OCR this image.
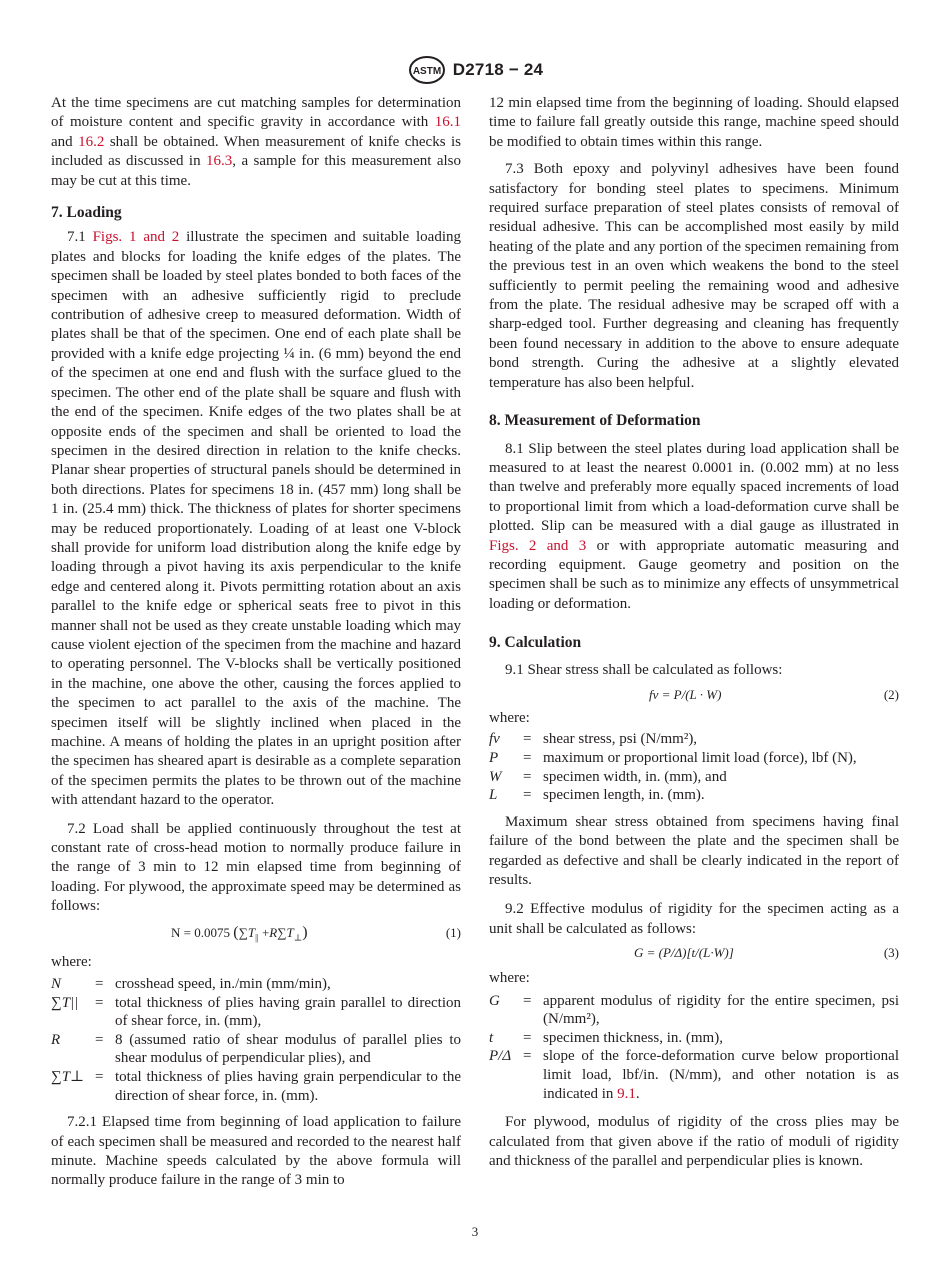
ASTM D2718 − 24

At the time specimens are cut matching samples for determination of moisture content and specific gravity in accordance with 16.1 and 16.2 shall be obtained. When measurement of knife checks is included as discussed in 16.3, a sample for this measurement also may be cut at this time.

7. Loading

7.1 Figs. 1 and 2 illustrate the specimen and suitable loading plates and blocks for loading the knife edges of the plates. The specimen shall be loaded by steel plates bonded to both faces of the specimen with an adhesive sufficiently rigid to preclude contribution of adhesive creep to measured deformation. Width of plates shall be that of the specimen. One end of each plate shall be provided with a knife edge projecting ¼ in. (6 mm) beyond the end of the specimen at one end and flush with the surface glued to the specimen. The other end of the plate shall be square and flush with the end of the specimen. Knife edges of the two plates shall be at opposite ends of the specimen and shall be oriented to load the specimen in the desired direction in relation to the knife checks. Planar shear properties of structural panels should be determined in both directions. Plates for specimens 18 in. (457 mm) long shall be 1 in. (25.4 mm) thick. The thickness of plates for shorter specimens may be reduced proportionately. Loading of at least one V-block shall provide for uniform load distribution along the knife edge by loading through a pivot having its axis perpendicular to the knife edge and centered along it. Pivots permitting rotation about an axis parallel to the knife edge or spherical seats free to pivot in this manner shall not be used as they create unstable loading which may cause violent ejection of the specimen from the machine and hazard to operating personnel. The V-blocks shall be vertically positioned in the machine, one above the other, causing the forces applied to the specimen to act parallel to the axis of the machine. The specimen itself will be slightly inclined when placed in the machine. A means of holding the plates in an upright position after the specimen has sheared apart is desirable as a complete separation of the specimen permits the plates to be thrown out of the machine with attendant hazard to the operator.

7.2 Load shall be applied continuously throughout the test at constant rate of cross-head motion to normally produce failure in the range of 3 min to 12 min elapsed time from beginning of loading. For plywood, the approximate speed may be determined as follows:

N = 0.0075 $(\sum T_{||} +R\sum T_\perp)$	(1)

where:

N	= crosshead speed, in./min (mm/min),
∑T||	= total thickness of plies having grain parallel to direction of shear force, in. (mm),
R	= 8 (assumed ratio of shear modulus of parallel plies to shear modulus of perpendicular plies), and
∑T⊥ = total thickness of plies having grain perpendicular to the direction of shear force, in. (mm).

7.2.1 Elapsed time from beginning of load application to failure of each specimen shall be measured and recorded to the nearest half minute. Machine speeds calculated by the above formula will normally produce failure in the range of 3 min to

12 min elapsed time from the beginning of loading. Should elapsed time to failure fall greatly outside this range, machine speed should be modified to obtain times within this range.

7.3 Both epoxy and polyvinyl adhesives have been found satisfactory for bonding steel plates to specimens. Minimum required surface preparation of steel plates consists of removal of residual adhesive. This can be accomplished most easily by mild heating of the plate and any portion of the specimen remaining from the previous test in an oven which weakens the bond to the steel sufficiently to permit peeling the remaining wood and adhesive from the plate. The residual adhesive may be scraped off with a sharp-edged tool. Further degreasing and cleaning has frequently been found necessary in addition to the above to ensure adequate bond strength. Curing the adhesive at a slightly elevated temperature has also been helpful.

8. Measurement of Deformation

8.1 Slip between the steel plates during load application shall be measured to at least the nearest 0.0001 in. (0.002 mm) at no less than twelve and preferably more equally spaced increments of load to proportional limit from which a load-deformation curve shall be plotted. Slip can be measured with a dial gauge as illustrated in Figs. 2 and 3 or with appropriate automatic measuring and recording equipment. Gauge geometry and position on the specimen shall be such as to minimize any effects of unsymmetrical loading or deformation.

9. Calculation

9.1 Shear stress shall be calculated as follows:

fv = P/(L · W)	(2)

where:

fv	= shear stress, psi (N/mm²),
P	= maximum or proportional limit load (force), lbf (N),
W	= specimen width, in. (mm), and
L	= specimen length, in. (mm).

Maximum shear stress obtained from specimens having final failure of the bond between the plate and the specimen shall be regarded as defective and shall be clearly indicated in the report of results.

9.2 Effective modulus of rigidity for the specimen acting as a unit shall be calculated as follows:

G = (P/Δ)[t/(L·W)]	(3)

where:

G	= apparent modulus of rigidity for the entire specimen, psi (N/mm²),
t	= specimen thickness, in. (mm),
P/Δ = slope of the force-deformation curve below proportional limit load, lbf/in. (N/mm), and other notation is as indicated in 9.1.

For plywood, modulus of rigidity of the cross plies may be calculated from that given above if the ratio of moduli of rigidity and thickness of the parallel and perpendicular plies is known.

3
